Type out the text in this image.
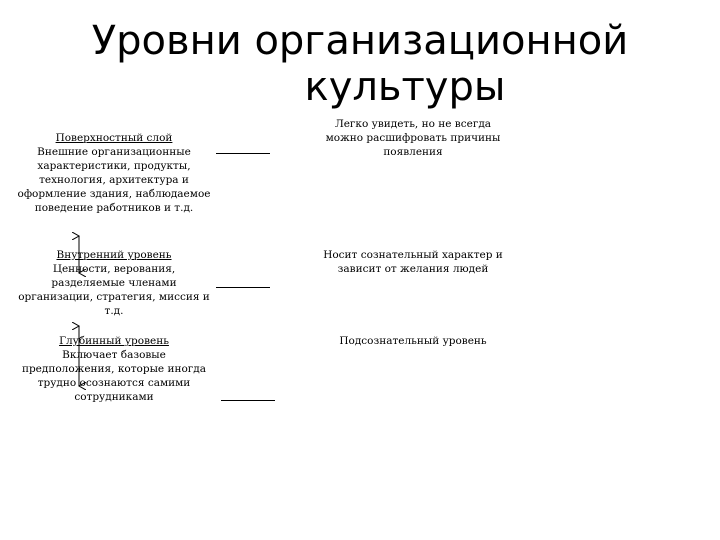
Уровни организационной
культуры
Поверхностный слой
Внешние организационные характеристики, продукты, технология, архитектура и оформление здания, наблюдаемое поведение работников и т.д.
Внутренний уровень
Ценности, верования, разделяемые членами организации, стратегия, миссия и т.д.
Глубинный уровень
Включает базовые предположения, которые иногда трудно осознаются самими сотрудниками
Легко увидеть, но не всегда можно расшифровать причины появления
Носит сознательный характер и зависит от желания людей
Подсознательный уровень
